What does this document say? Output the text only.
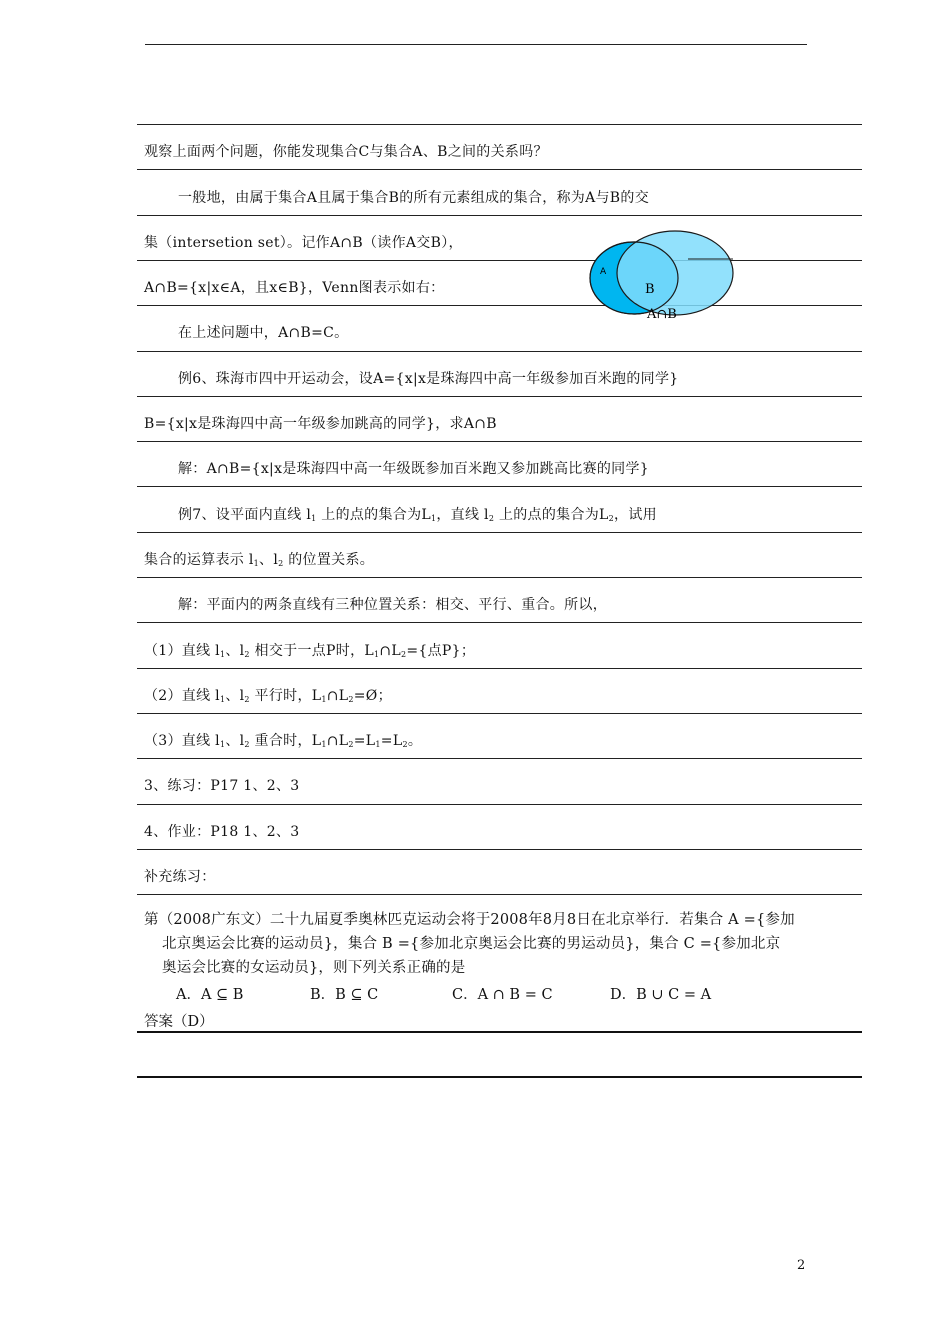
观察上面两个问题，你能发现集合C与集合A、B之间的关系吗？
一般地，由属于集合A且属于集合B的所有元素组成的集合，称为A与B的交
集（intersetion set）。记作A∩B（读作A交B），
A∩B={x|x∈A，且x∈B}，Venn图表示如右：
在上述问题中，A∩B=C。
例6、珠海市四中开运动会，设A={x|x是珠海四中高一年级参加百米跑的同学}
B={x|x是珠海四中高一年级参加跳高的同学}，求A∩B
解：A∩B={x|x是珠海四中高一年级既参加百米跑又参加跳高比赛的同学}
例7、设平面内直线 $l_1$ 上的点的集合为$L_1$，直线 $l_2$ 上的点的集合为$L_2$，试用
集合的运算表示 $l_1$、$l_2$ 的位置关系。
解：平面内的两条直线有三种位置关系：相交、平行、重合。所以，
（1）直线 $l_1$、$l_2$ 相交于一点P时，$L_1\cap L_2=${点P}；
（2）直线 $l_1$、$l_2$ 平行时，$L_1\cap L_2=Ø$；
（3）直线 $l_1$、$l_2$ 重合时，$L_1\cap L_2=L_1=L_2$。
3、练习：P17 1、2、3
4、作业：P18 1、2、3
补充练习：
A
B
A∩B
第（2008广东文）二十九届夏季奥林匹克运动会将于2008年8月8日在北京举行．若集合 A ={参加
北京奥运会比赛的运动员}，集合 B ={参加北京奥运会比赛的男运动员}，集合 C ={参加北京
奥运会比赛的女运动员}，则下列关系正确的是
A．A ⊆ B	B．B ⊆ C	C．A ∩ B = C	D．B ∪ C = A
答案（D）
2
